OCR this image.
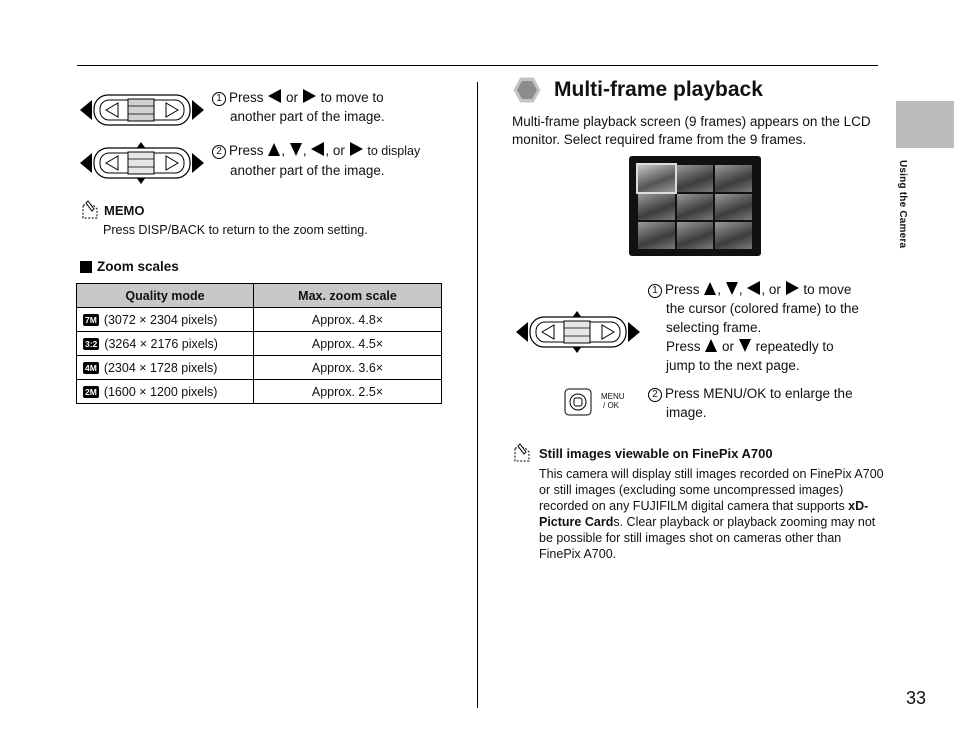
Using the Camera
33
1 Press or to move to
another part of the image.
2 Press , , , or to display
another part of the image.
MEMO
Press DISP/BACK to return to the zoom setting.
Zoom scales
Quality mode	Max. zoom scale
7M (3072 × 2304 pixels)	Approx. 4.8×
3:2 (3264 × 2176 pixels)	Approx. 4.5×
4M (2304 × 1728 pixels)	Approx. 3.6×
2M (1600 × 1200 pixels)	Approx. 2.5×
Multi-frame playback
Multi-frame playback screen (9 frames) appears on the LCD monitor. Select required frame from the 9 frames.
1 Press , , , or to move
the cursor (colored frame) to the
selecting frame.
Press or repeatedly to
jump to the next page.
MENU
/ OK
2 Press MENU/OK to enlarge the
image.
Still images viewable on FinePix A700
This camera will display still images recorded on FinePix A700 or still images (excluding some uncompressed images) recorded on any FUJIFILM digital camera that supports xD-Picture Cards. Clear playback or playback zooming may not be possible for still images shot on cameras other than FinePix A700.
